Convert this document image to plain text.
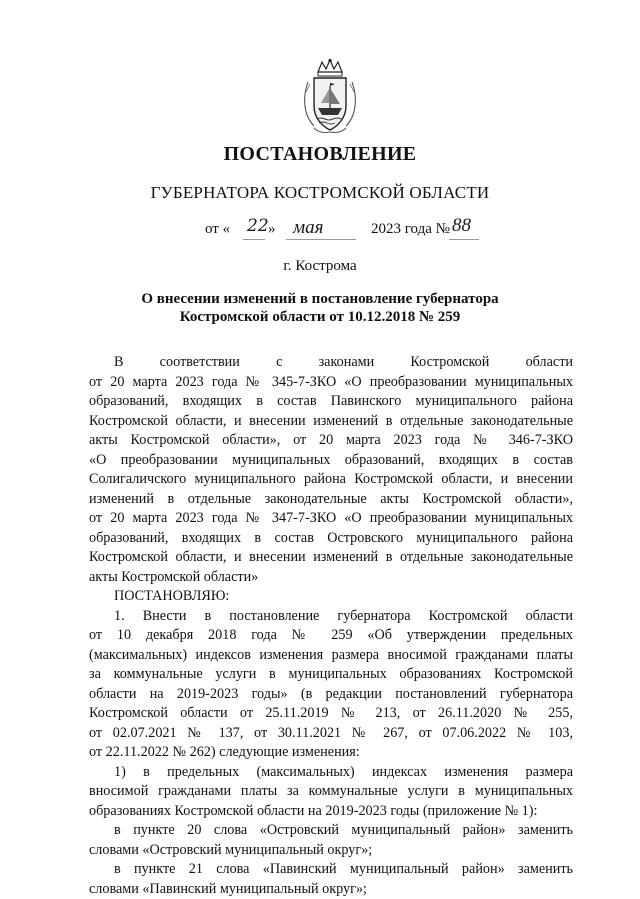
ПОСТАНОВЛЕНИЕ
ГУБЕРНАТОРА КОСТРОМСКОЙ ОБЛАСТИ
от « 22 » мая	2023 года № 88
г. Кострома
О внесении изменений в постановление губернатора
Костромской области от 10.12.2018 № 259
В соответствии с законами Костромской области
от 20 марта 2023 года № 345-7-ЗКО «О преобразовании муниципальных
образований, входящих в состав Павинского муниципального района
Костромской области, и внесении изменений в отдельные законодательные
акты Костромской области», от 20 марта 2023 года № 346-7-ЗКО
«О преобразовании муниципальных образований, входящих в состав
Солигаличского муниципального района Костромской области, и внесении
изменений в отдельные законодательные акты Костромской области»,
от 20 марта 2023 года № 347-7-ЗКО «О преобразовании муниципальных
образований, входящих в состав Островского муниципального района
Костромской области, и внесении изменений в отдельные законодательные
акты Костромской области»
ПОСТАНОВЛЯЮ:
1. Внести в постановление губернатора Костромской области
от 10 декабря 2018 года № 259 «Об утверждении предельных
(максимальных) индексов изменения размера вносимой гражданами платы
за коммунальные услуги в муниципальных образованиях Костромской
области на 2019-2023 годы» (в редакции постановлений губернатора
Костромской области от 25.11.2019 № 213, от 26.11.2020 № 255,
от 02.07.2021 № 137, от 30.11.2021 № 267, от 07.06.2022 № 103,
от 22.11.2022 № 262) следующие изменения:
1) в предельных (максимальных) индексах изменения размера
вносимой гражданами платы за коммунальные услуги в муниципальных
образованиях Костромской области на 2019-2023 годы (приложение № 1):
в пункте 20 слова «Островский муниципальный район» заменить
словами «Островский муниципальный округ»;
в пункте 21 слова «Павинский муниципальный район» заменить
словами «Павинский муниципальный округ»;
